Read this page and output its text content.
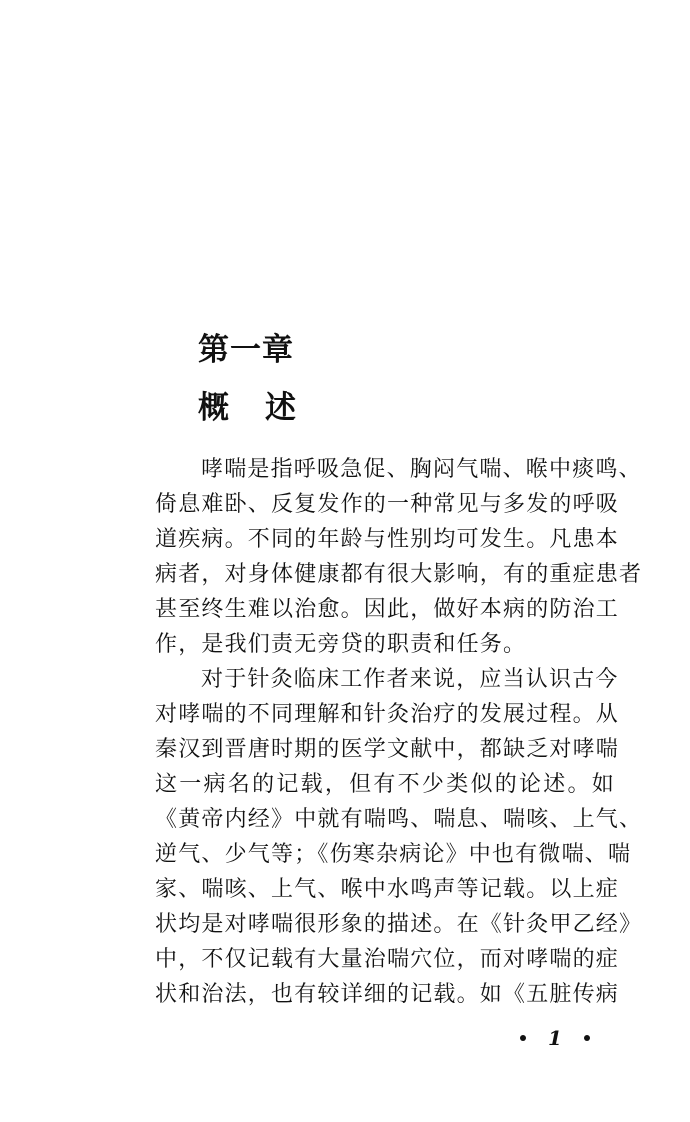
第一章
概 述
哮喘是指呼吸急促、胸闷气喘、喉中痰鸣、
倚息难卧、反复发作的一种常见与多发的呼吸
道疾病。不同的年龄与性别均可发生。凡患本
病者，对身体健康都有很大影响，有的重症患者
甚至终生难以治愈。因此，做好本病的防治工
作，是我们责无旁贷的职责和任务。
对于针灸临床工作者来说，应当认识古今
对哮喘的不同理解和针灸治疗的发展过程。从
秦汉到晋唐时期的医学文献中，都缺乏对哮喘
这一病名的记载，但有不少类似的论述。如
《黄帝内经》中就有喘鸣、喘息、喘咳、上气、
逆气、少气等；《伤寒杂病论》中也有微喘、喘
家、喘咳、上气、喉中水鸣声等记载。以上症
状均是对哮喘很形象的描述。在《针灸甲乙经》
中，不仅记载有大量治喘穴位，而对哮喘的症
状和治法，也有较详细的记载。如《五脏传病
1
